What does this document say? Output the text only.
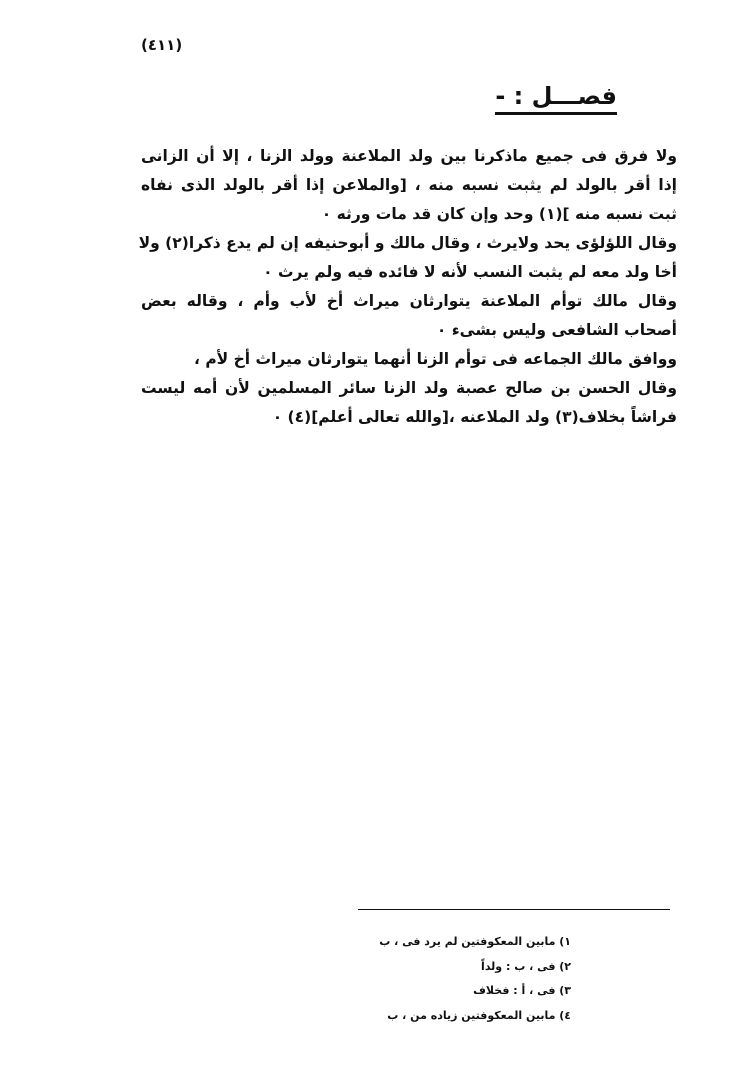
(٤١١)
فصـــل : -

ولا فرق فى جميع ماذكرنا بين ولد الملاعنة وولد الزنا ، إلا أن الزانى
إذا أقر بالولد لم يثبت نسبه منه ، [والملاعن إذا أقر بالولد الذى نفاه
ثبت نسبه منه ](١) وحد وإن كان قد مات ورثه ٠

وقال اللؤلؤى يحد ولايرث ، وقال مالك و أبوحنيفه إن لم يدع ذكرا(٢) ولا
أخا ولد معه لم يثبت النسب لأنه لا فائده فيه ولم يرث ٠

وقال مالك توأم الملاعنة يتوارثان ميراث أخ لأب وأم ، وقاله بعض
أصحاب الشافعى وليس بشىء ٠

ووافق مالك الجماعه فى توأم الزنا أنهما يتوارثان ميراث أخ لأم ،
وقال الحسن بن صالح عصبة ولد الزنا سائر المسلمين لأن أمه ليست
فراشاً بخلاف(٣) ولد الملاعنه ،[والله تعالى أعلم](٤) ٠

١) مابين المعكوفتين لم يرد فى ، ب
٢) فى ، ب : ولداً
٣) فى ، أ : فخلاف
٤) مابين المعكوفتين زياده من ، ب
